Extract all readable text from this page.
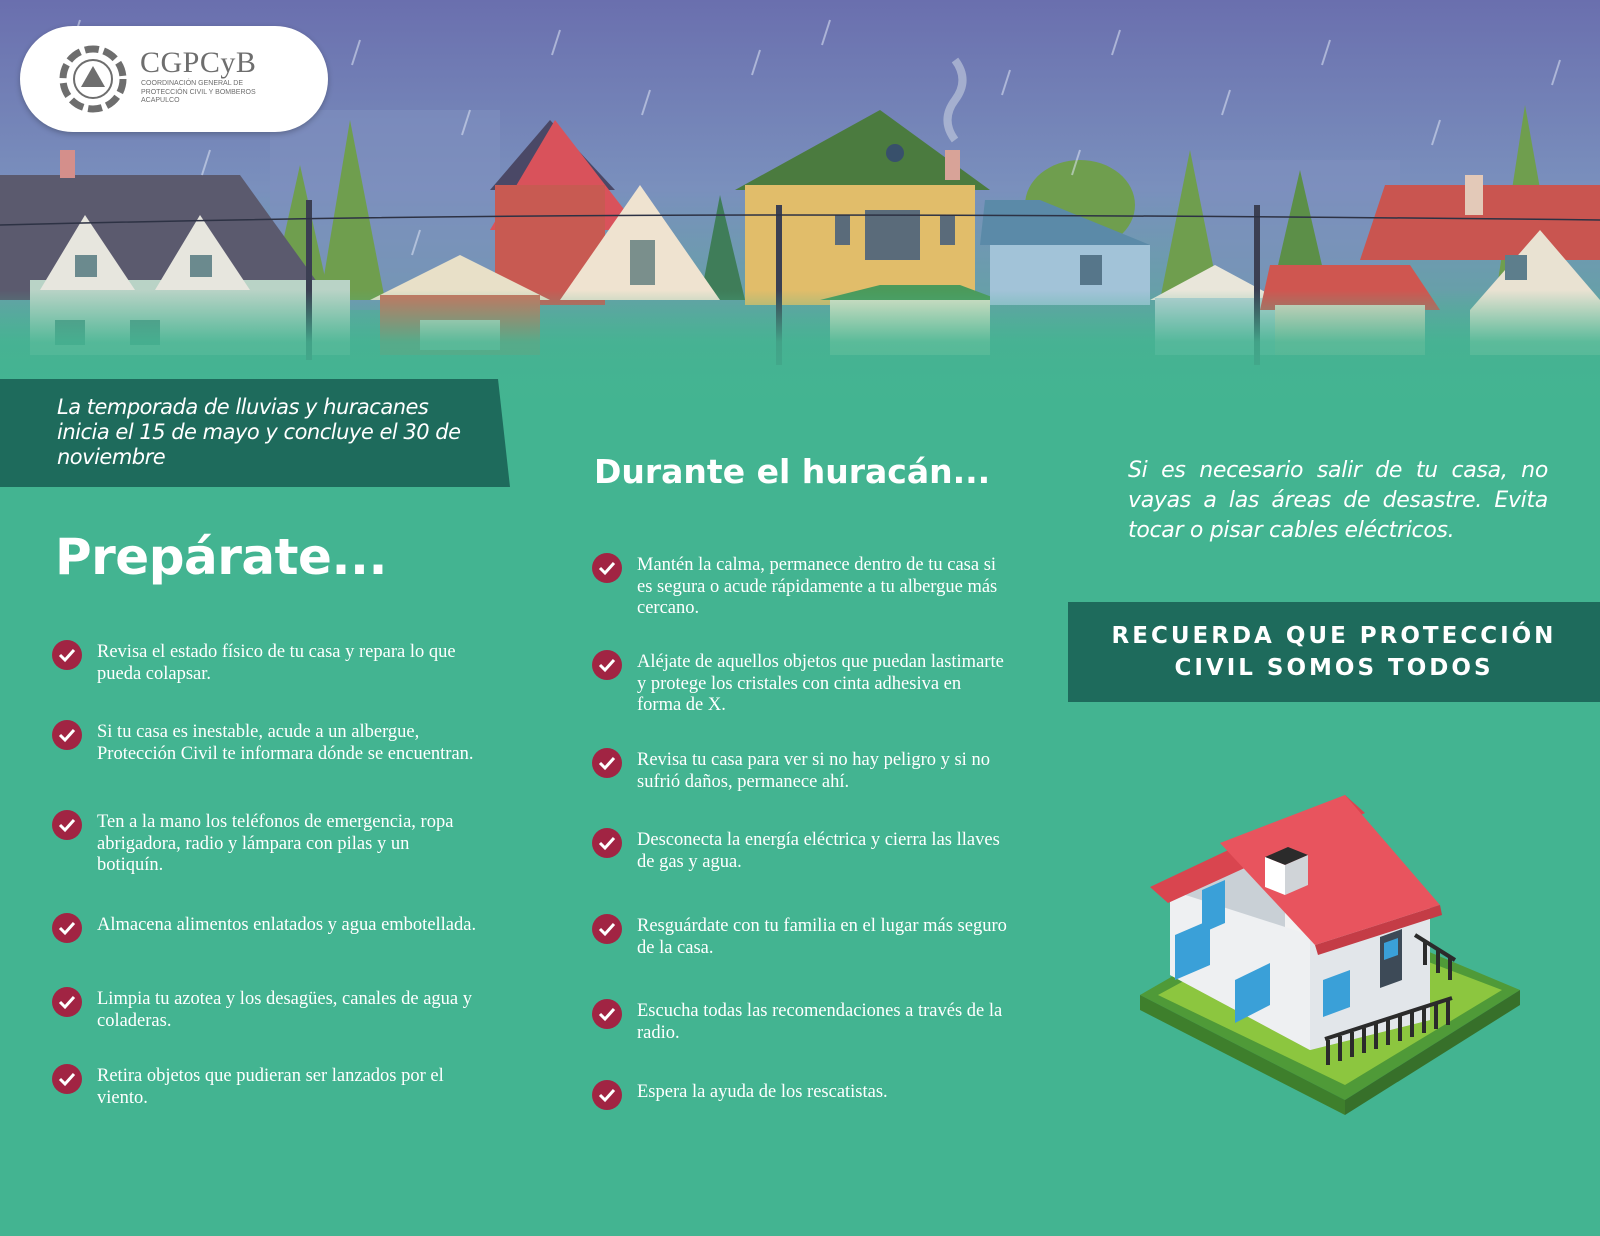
CGPCyB
COORDINACIÓN GENERAL DE PROTECCIÓN CIVIL Y BOMBEROS ACAPULCO
La temporada de lluvias y huracanes inicia el 15 de mayo y concluye el 30 de noviembre
Prepárate...
Revisa el estado físico de tu casa y repara lo que pueda colapsar.
Si tu casa es inestable, acude a un albergue, Protección Civil te informara dónde se encuentran.
Ten a la mano los teléfonos de emergencia, ropa abrigadora, radio y lámpara con pilas y un botiquín.
Almacena alimentos enlatados y agua embotellada.
Limpia tu azotea y los desagües, canales de agua y coladeras.
Retira objetos que pudieran ser lanzados por el viento.
Durante el huracán...
Mantén la calma, permanece dentro de tu casa si es segura o acude rápidamente a tu albergue más cercano.
Aléjate de aquellos objetos que puedan lastimarte y protege los cristales con cinta adhesiva en forma de X.
Revisa tu casa para ver si no hay peligro y si no sufrió daños, permanece ahí.
Desconecta la energía eléctrica y cierra las llaves de gas y agua.
Resguárdate con tu familia en el lugar más seguro de la casa.
Escucha todas las recomendaciones a través de la radio.
Espera la ayuda de los rescatistas.
Si es necesario salir de tu casa, no vayas a las áreas de desastre. Evita tocar o pisar cables eléctricos.
RECUERDA QUE PROTECCIÓN
CIVIL SOMOS TODOS
